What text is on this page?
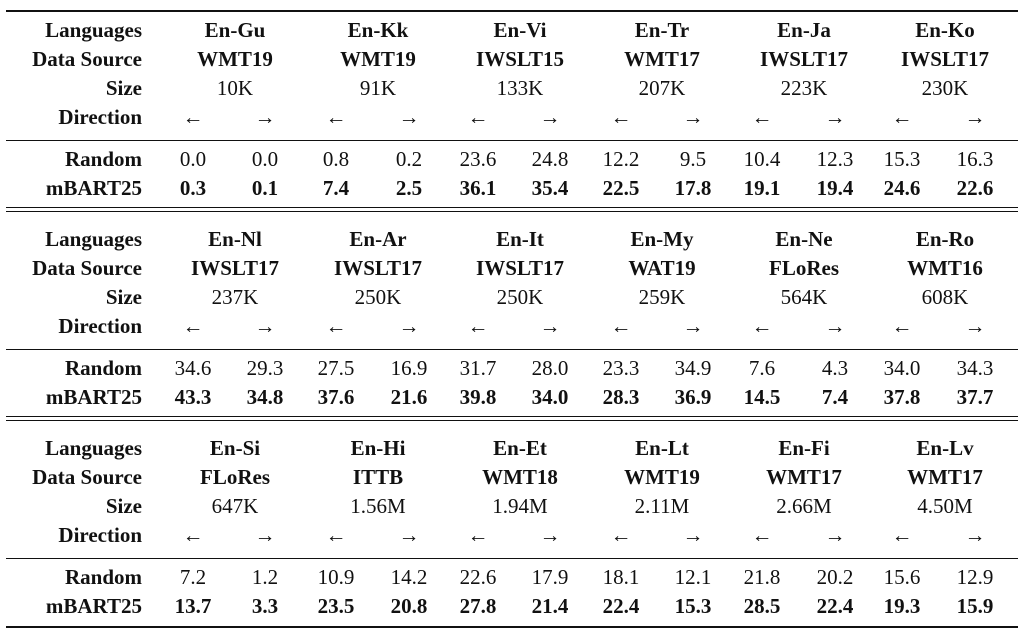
Languages
Data Source
Size
Direction
Random
mBART25
En-Gu
WMT19
10K
← →
0.0 0.0
0.3 0.1
En-Kk
WMT19
91K
← →
0.8 0.2
7.4 2.5
En-Vi
IWSLT15
133K
← →
23.6 24.8
36.1 35.4
En-Tr
WMT17
207K
← →
12.2 9.5
22.5 17.8
En-Ja
IWSLT17
223K
← →
10.4 12.3
19.1 19.4
En-Ko
IWSLT17
230K
← →
15.3 16.3
24.6 22.6
Languages
Data Source
Size
Direction
Random
mBART25
En-Nl
IWSLT17
237K
← →
34.6 29.3
43.3 34.8
En-Ar
IWSLT17
250K
← →
27.5 16.9
37.6 21.6
En-It
IWSLT17
250K
← →
31.7 28.0
39.8 34.0
En-My
WAT19
259K
← →
23.3 34.9
28.3 36.9
En-Ne
FLoRes
564K
← →
7.6 4.3
14.5 7.4
En-Ro
WMT16
608K
← →
34.0 34.3
37.8 37.7
Languages
Data Source
Size
Direction
Random
mBART25
En-Si
FLoRes
647K
← →
7.2 1.2
13.7 3.3
En-Hi
ITTB
1.56M
← →
10.9 14.2
23.5 20.8
En-Et
WMT18
1.94M
← →
22.6 17.9
27.8 21.4
En-Lt
WMT19
2.11M
← →
18.1 12.1
22.4 15.3
En-Fi
WMT17
2.66M
← →
21.8 20.2
28.5 22.4
En-Lv
WMT17
4.50M
← →
15.6 12.9
19.3 15.9
